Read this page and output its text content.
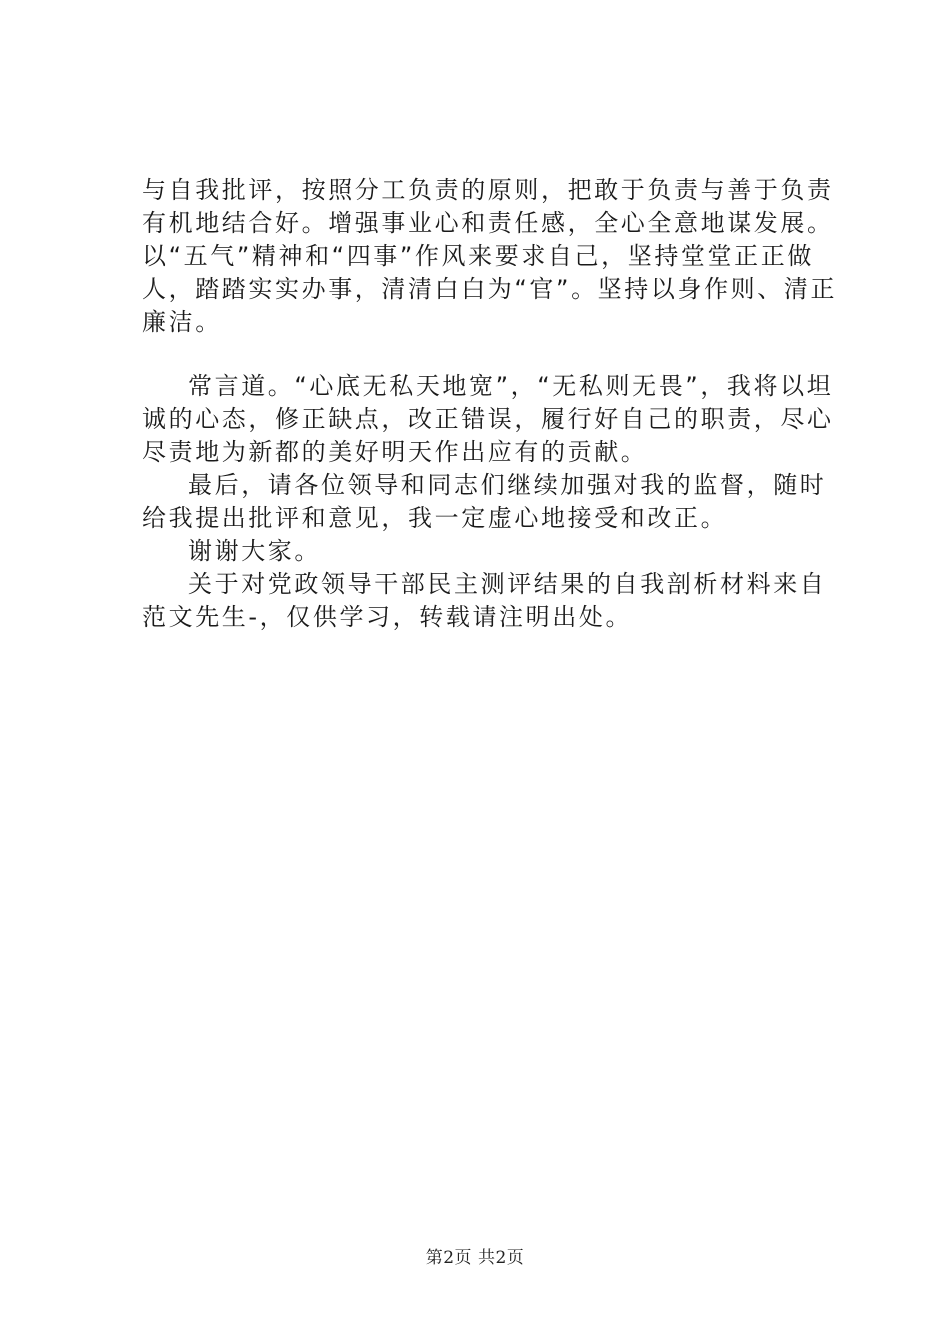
与自我批评，按照分工负责的原则，把敢于负责与善于负责有机地结合好。增强事业心和责任感，全心全意地谋发展。以“五气”精神和“四事”作风来要求自己，坚持堂堂正正做人，踏踏实实办事，清清白白为“官”。坚持以身作则、清正廉洁。

常言道。“心底无私天地宽”，“无私则无畏”，我将以坦诚的心态，修正缺点，改正错误，履行好自己的职责，尽心尽责地为新都的美好明天作出应有的贡献。

最后，请各位领导和同志们继续加强对我的监督，随时给我提出批评和意见，我一定虚心地接受和改正。

谢谢大家。

关于对党政领导干部民主测评结果的自我剖析材料来自范文先生-，仅供学习，转载请注明出处。

第2页 共2页
